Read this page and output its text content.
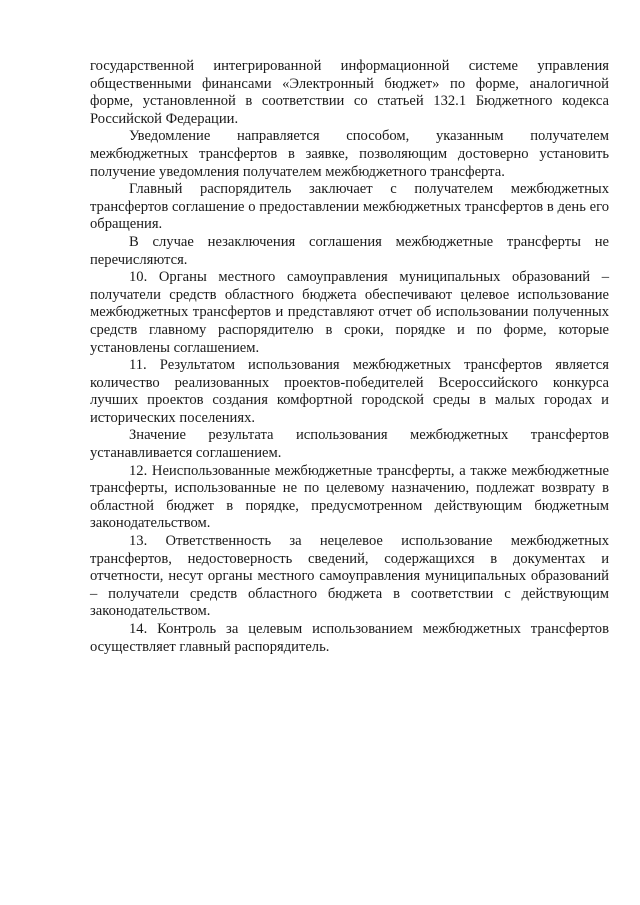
государственной интегрированной информационной системе управления общественными финансами «Электронный бюджет» по форме, аналогичной форме, установленной в соответствии со статьей 132.1 Бюджетного кодекса Российской Федерации.

Уведомление направляется способом, указанным получателем межбюджетных трансфертов в заявке, позволяющим достоверно установить получение уведомления получателем межбюджетного трансферта.

Главный распорядитель заключает с получателем межбюджетных трансфертов соглашение о предоставлении межбюджетных трансфертов в день его обращения.

В случае незаключения соглашения межбюджетные трансферты не перечисляются.

10. Органы местного самоуправления муниципальных образований – получатели средств областного бюджета обеспечивают целевое использование межбюджетных трансфертов и представляют отчет об использовании полученных средств главному распорядителю в сроки, порядке и по форме, которые установлены соглашением.

11. Результатом использования межбюджетных трансфертов является количество реализованных проектов-победителей Всероссийского конкурса лучших проектов создания комфортной городской среды в малых городах и исторических поселениях.

Значение результата использования межбюджетных трансфертов устанавливается соглашением.

12. Неиспользованные межбюджетные трансферты, а также межбюджетные трансферты, использованные не по целевому назначению, подлежат возврату в областной бюджет в порядке, предусмотренном действующим бюджетным законодательством.

13. Ответственность за нецелевое использование межбюджетных трансфертов, недостоверность сведений, содержащихся в документах и отчетности, несут органы местного самоуправления муниципальных образований – получатели средств областного бюджета в соответствии с действующим законодательством.

14. Контроль за целевым использованием межбюджетных трансфертов осуществляет главный распорядитель.
